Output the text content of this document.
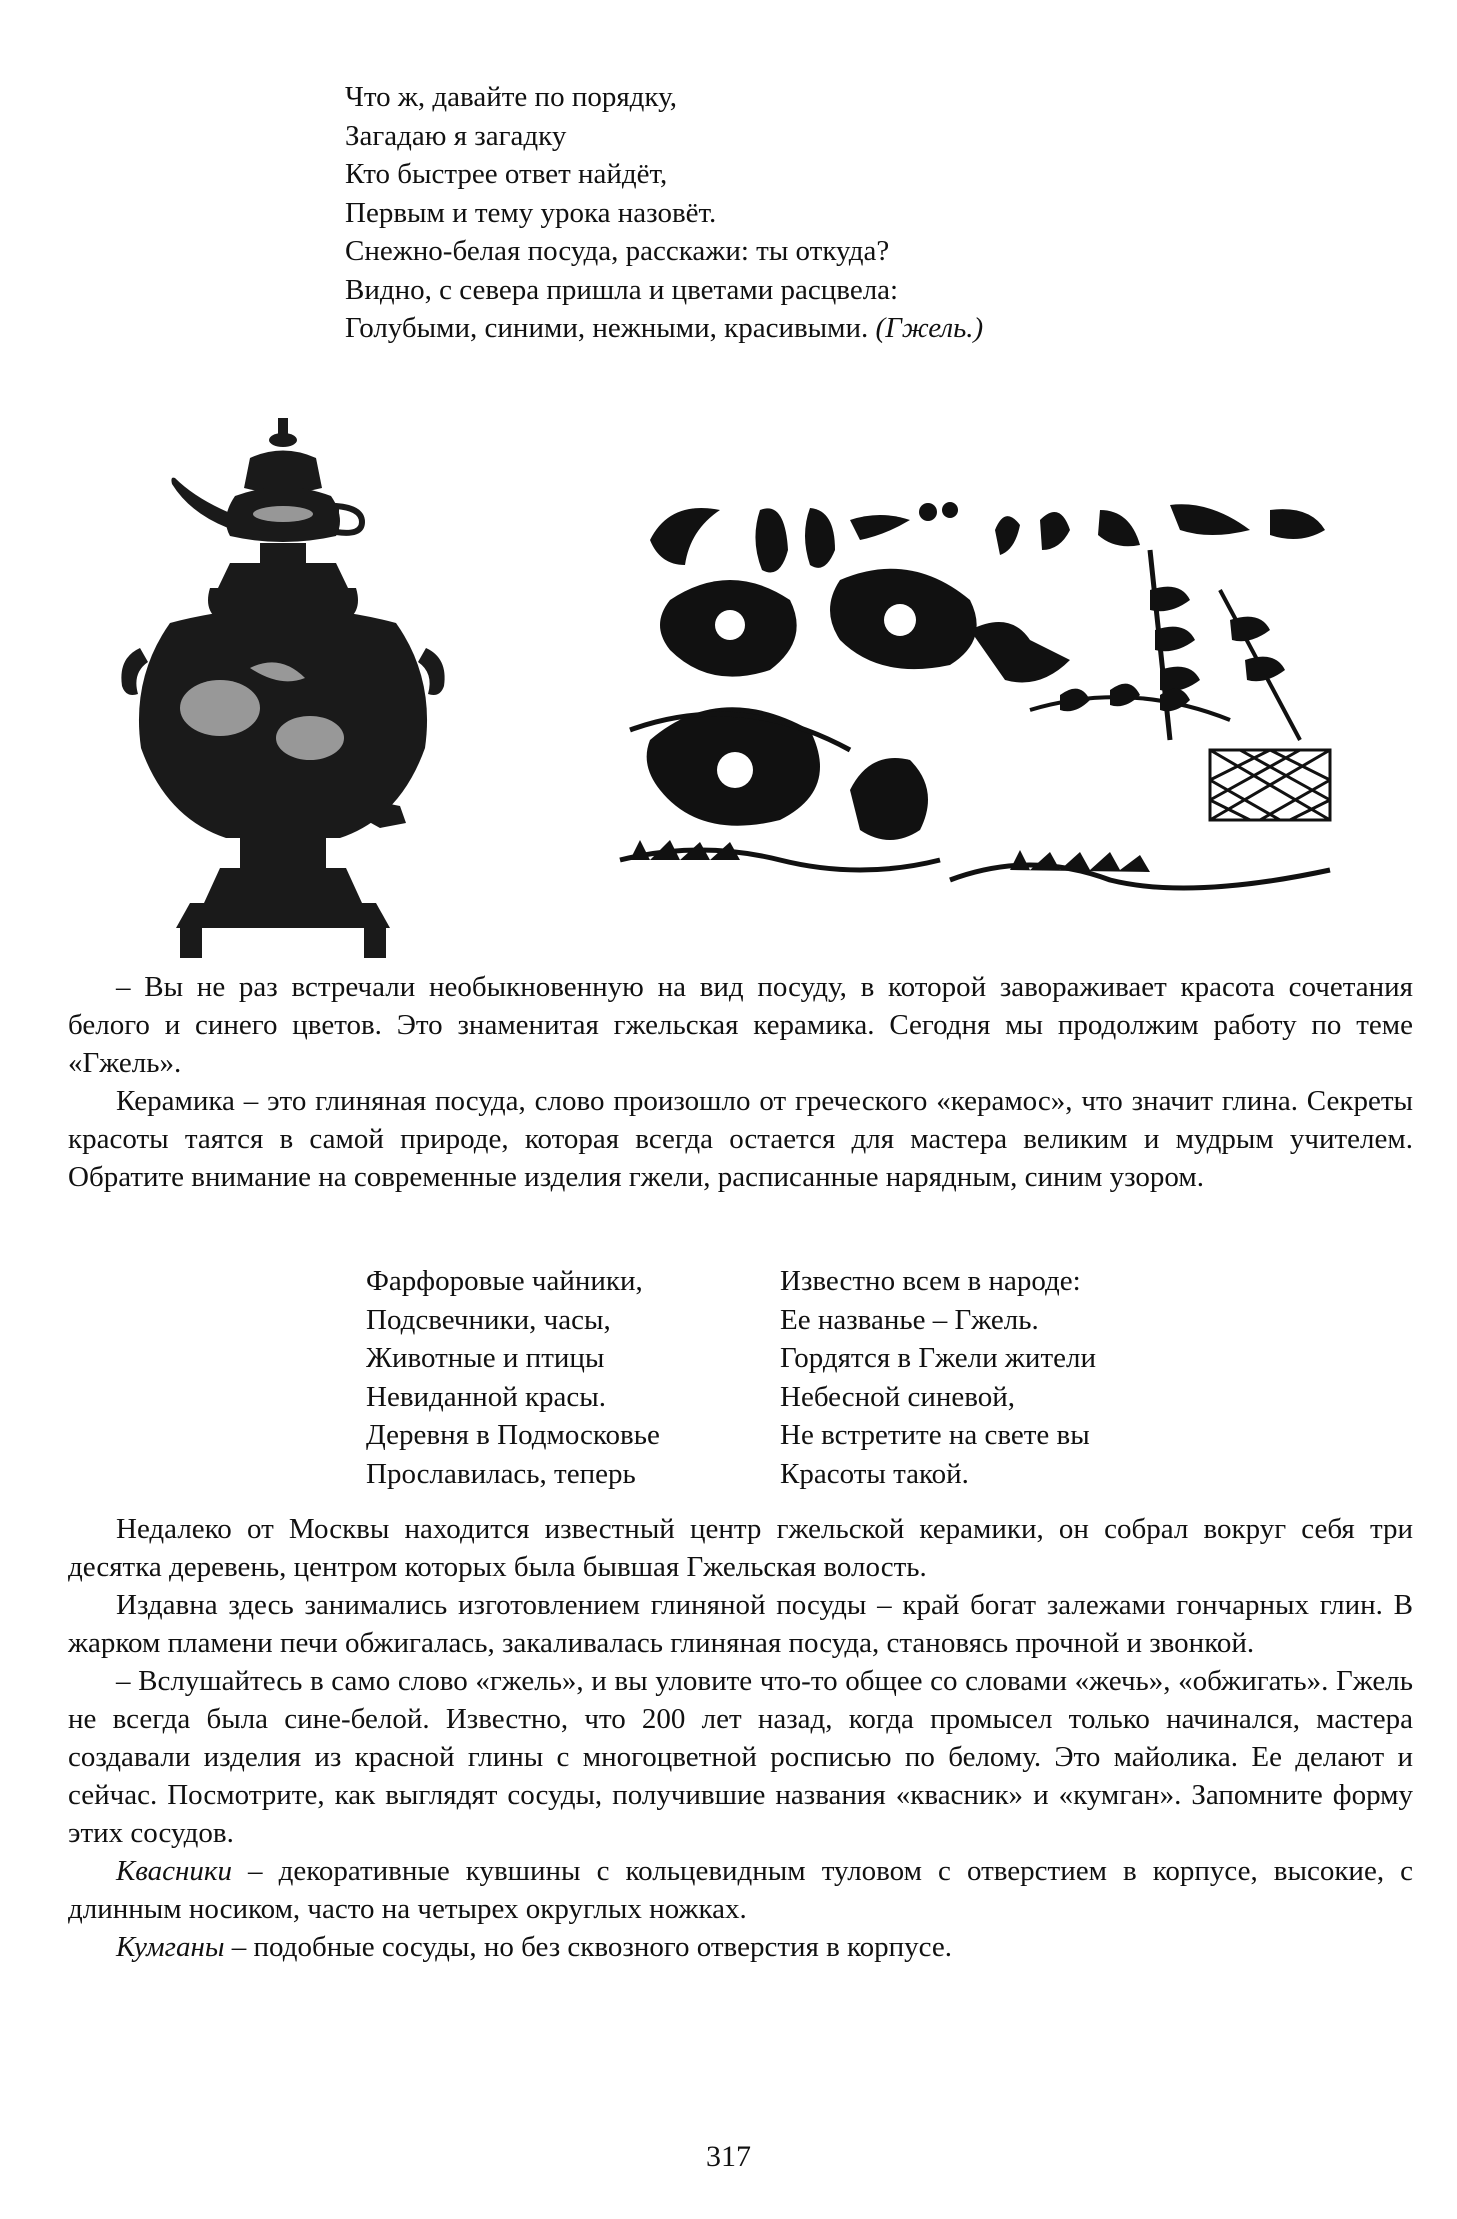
Что ж, давайте по порядку,
Загадаю я загадку
Кто быстрее ответ найдёт,
Первым и тему урока назовёт.
Снежно-белая посуда, расскажи: ты откуда?
Видно, с севера пришла и цветами расцвела:
Голубыми, синими, нежными, красивыми. (Гжель.)

– Вы не раз встречали необыкновенную на вид посуду, в которой завораживает красота сочетания белого и синего цветов. Это знаменитая гжельская керамика. Сегодня мы продолжим работу по теме «Гжель».

Керамика – это глиняная посуда, слово произошло от греческого «керамос», что значит глина. Секреты красоты таятся в самой природе, которая всегда остается для мастера великим и мудрым учителем. Обратите внимание на современные изделия гжели, расписанные нарядным, синим узором.

Фарфоровые чайники,
Подсвечники, часы,
Животные и птицы
Невиданной красы.
Деревня в Подмосковье
Прославилась, теперь
Известно всем в народе:
Ее названье – Гжель.
Гордятся в Гжели жители
Небесной синевой,
Не встретите на свете вы
Красоты такой.

Недалеко от Москвы находится известный центр гжельской керамики, он собрал вокруг себя три десятка деревень, центром которых была бывшая Гжельская волость.

Издавна здесь занимались изготовлением глиняной посуды – край богат залежами гончарных глин. В жарком пламени печи обжигалась, закаливалась глиняная посуда, становясь прочной и звонкой.

– Вслушайтесь в само слово «гжель», и вы уловите что-то общее со словами «жечь», «обжигать». Гжель не всегда была сине-белой. Известно, что 200 лет назад, когда промысел только начинался, мастера создавали изделия из красной глины с многоцветной росписью по белому. Это майолика. Ее делают и сейчас. Посмотрите, как выглядят сосуды, получившие названия «квасник» и «кумган». Запомните форму этих сосудов.

Квасники – декоративные кувшины с кольцевидным туловом с отверстием в корпусе, высокие, с длинным носиком, часто на четырех округлых ножках.

Кумганы – подобные сосуды, но без сквозного отверстия в корпусе.

317
